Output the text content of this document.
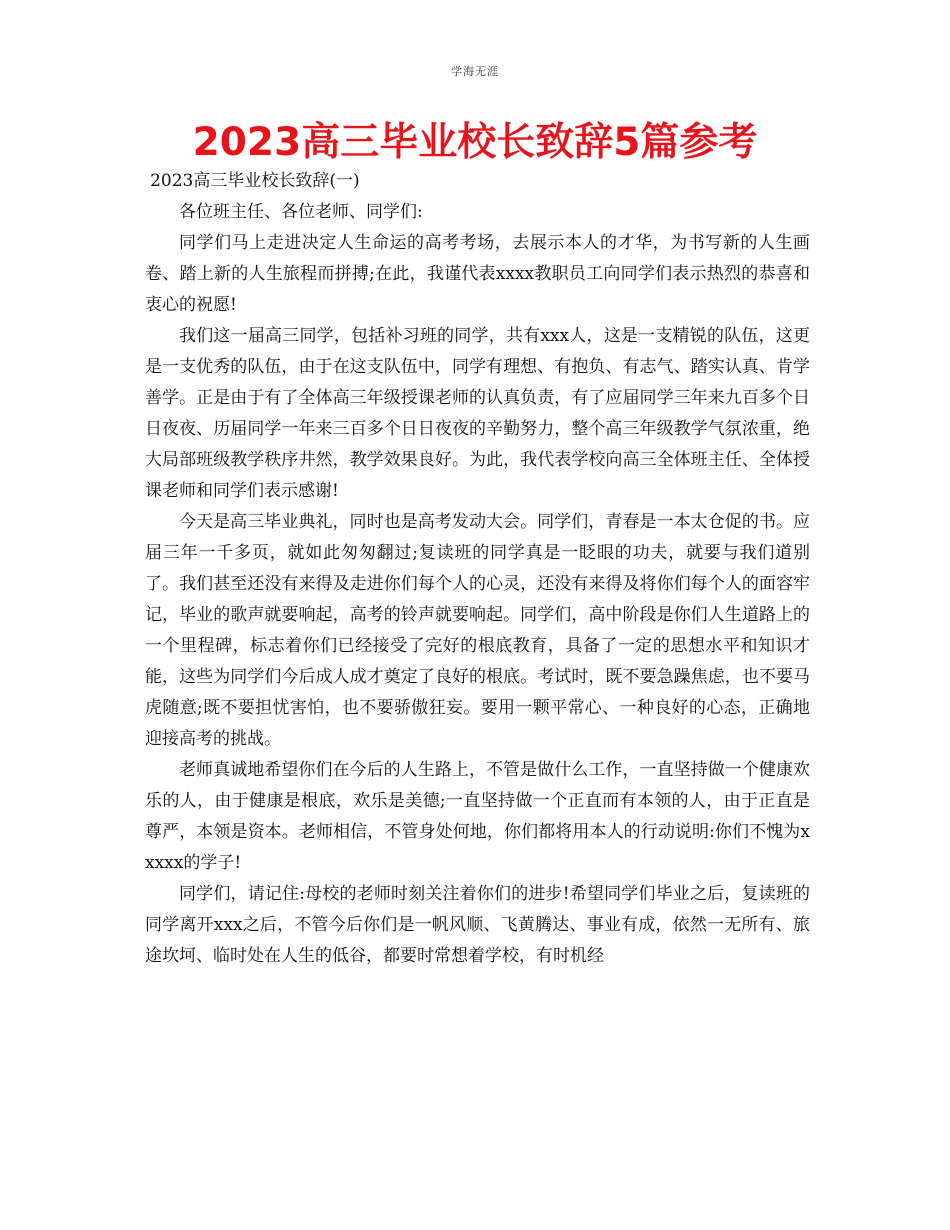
学海无涯
2023高三毕业校长致辞5篇参考

2023高三毕业校长致辞(一)

各位班主任、各位老师、同学们:

同学们马上走进决定人生命运的高考考场，去展示本人的才华，为书写新的人生画卷、踏上新的人生旅程而拼搏;在此，我谨代表xxxx教职员工向同学们表示热烈的恭喜和衷心的祝愿!

我们这一届高三同学，包括补习班的同学，共有xxx人，这是一支精锐的队伍，这更是一支优秀的队伍，由于在这支队伍中，同学有理想、有抱负、有志气、踏实认真、肯学善学。正是由于有了全体高三年级授课老师的认真负责，有了应届同学三年来九百多个日日夜夜、历届同学一年来三百多个日日夜夜的辛勤努力，整个高三年级教学气氛浓重，绝大局部班级教学秩序井然，教学效果良好。为此，我代表学校向高三全体班主任、全体授课老师和同学们表示感谢!

今天是高三毕业典礼，同时也是高考发动大会。同学们，青春是一本太仓促的书。应届三年一千多页，就如此匆匆翻过;复读班的同学真是一眨眼的功夫，就要与我们道别了。我们甚至还没有来得及走进你们每个人的心灵，还没有来得及将你们每个人的面容牢记，毕业的歌声就要响起，高考的铃声就要响起。同学们，高中阶段是你们人生道路上的一个里程碑，标志着你们已经接受了完好的根底教育，具备了一定的思想水平和知识才能，这些为同学们今后成人成才奠定了良好的根底。考试时，既不要急躁焦虑，也不要马虎随意;既不要担忧害怕，也不要骄傲狂妄。要用一颗平常心、一种良好的心态，正确地迎接高考的挑战。

老师真诚地希望你们在今后的人生路上，不管是做什么工作，一直坚持做一个健康欢乐的人，由于健康是根底，欢乐是美德;一直坚持做一个正直而有本领的人，由于正直是尊严，本领是资本。老师相信，不管身处何地，你们都将用本人的行动说明:你们不愧为xxxxx的学子!

同学们，请记住:母校的老师时刻关注着你们的进步!希望同学们毕业之后，复读班的同学离开xxx之后，不管今后你们是一帆风顺、飞黄腾达、事业有成，依然一无所有、旅途坎坷、临时处在人生的低谷，都要时常想着学校，有时机经
